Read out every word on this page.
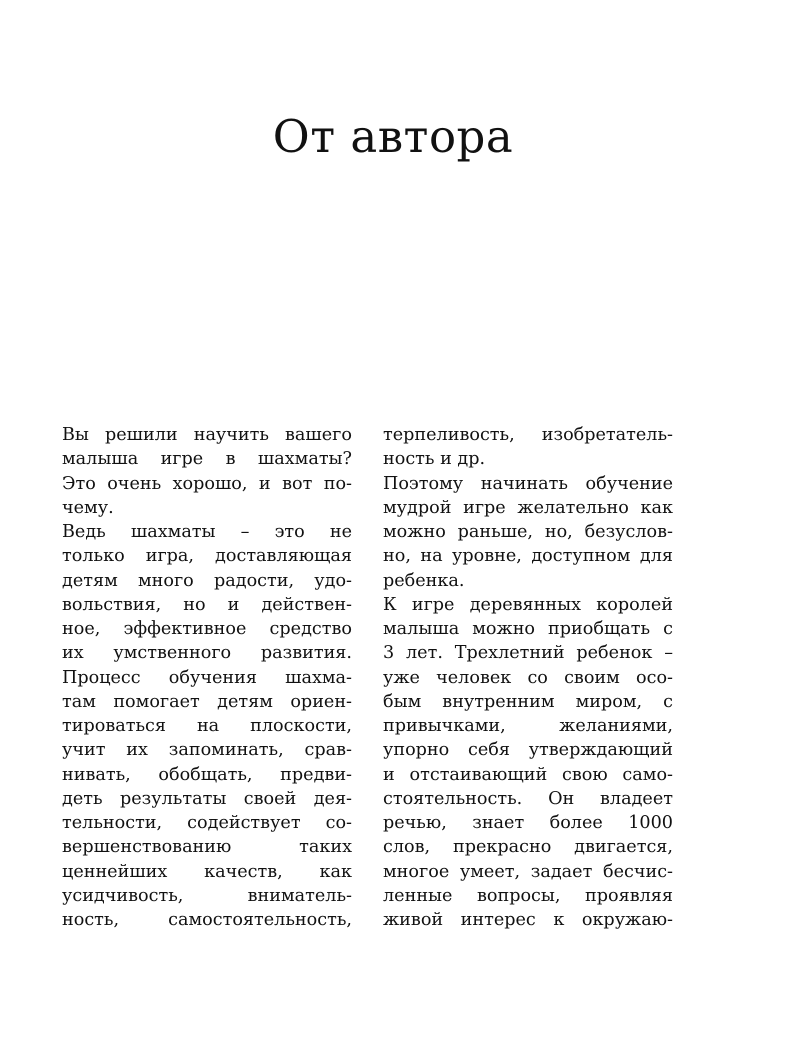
От автора
Вы решили научить вашего
малыша игре в шахматы?
Это очень хорошо, и вот по-
чему.
Ведь шахматы – это не
только игра, доставляющая
детям много радости, удо-
вольствия, но и действен-
ное, эффективное средство
их умственного развития.
Процесс обучения шахма-
там помогает детям ориен-
тироваться на плоскости,
учит их запоминать, срав-
нивать, обобщать, предви-
деть результаты своей дея-
тельности, содействует со-
вершенствованию таких
ценнейших качеств, как
усидчивость, вниматель-
ность, самостоятельность,
терпеливость, изобретатель-
ность и др.
Поэтому начинать обучение
мудрой игре желательно как
можно раньше, но, безуслов-
но, на уровне, доступном для
ребенка.
К игре деревянных королей
малыша можно приобщать с
3 лет. Трехлетний ребенок –
уже человек со своим осо-
бым внутренним миром, с
привычками, желаниями,
упорно себя утверждающий
и отстаивающий свою само-
стоятельность. Он владеет
речью, знает более 1000
слов, прекрасно двигается,
многое умеет, задает бесчис-
ленные вопросы, проявляя
живой интерес к окружаю-
